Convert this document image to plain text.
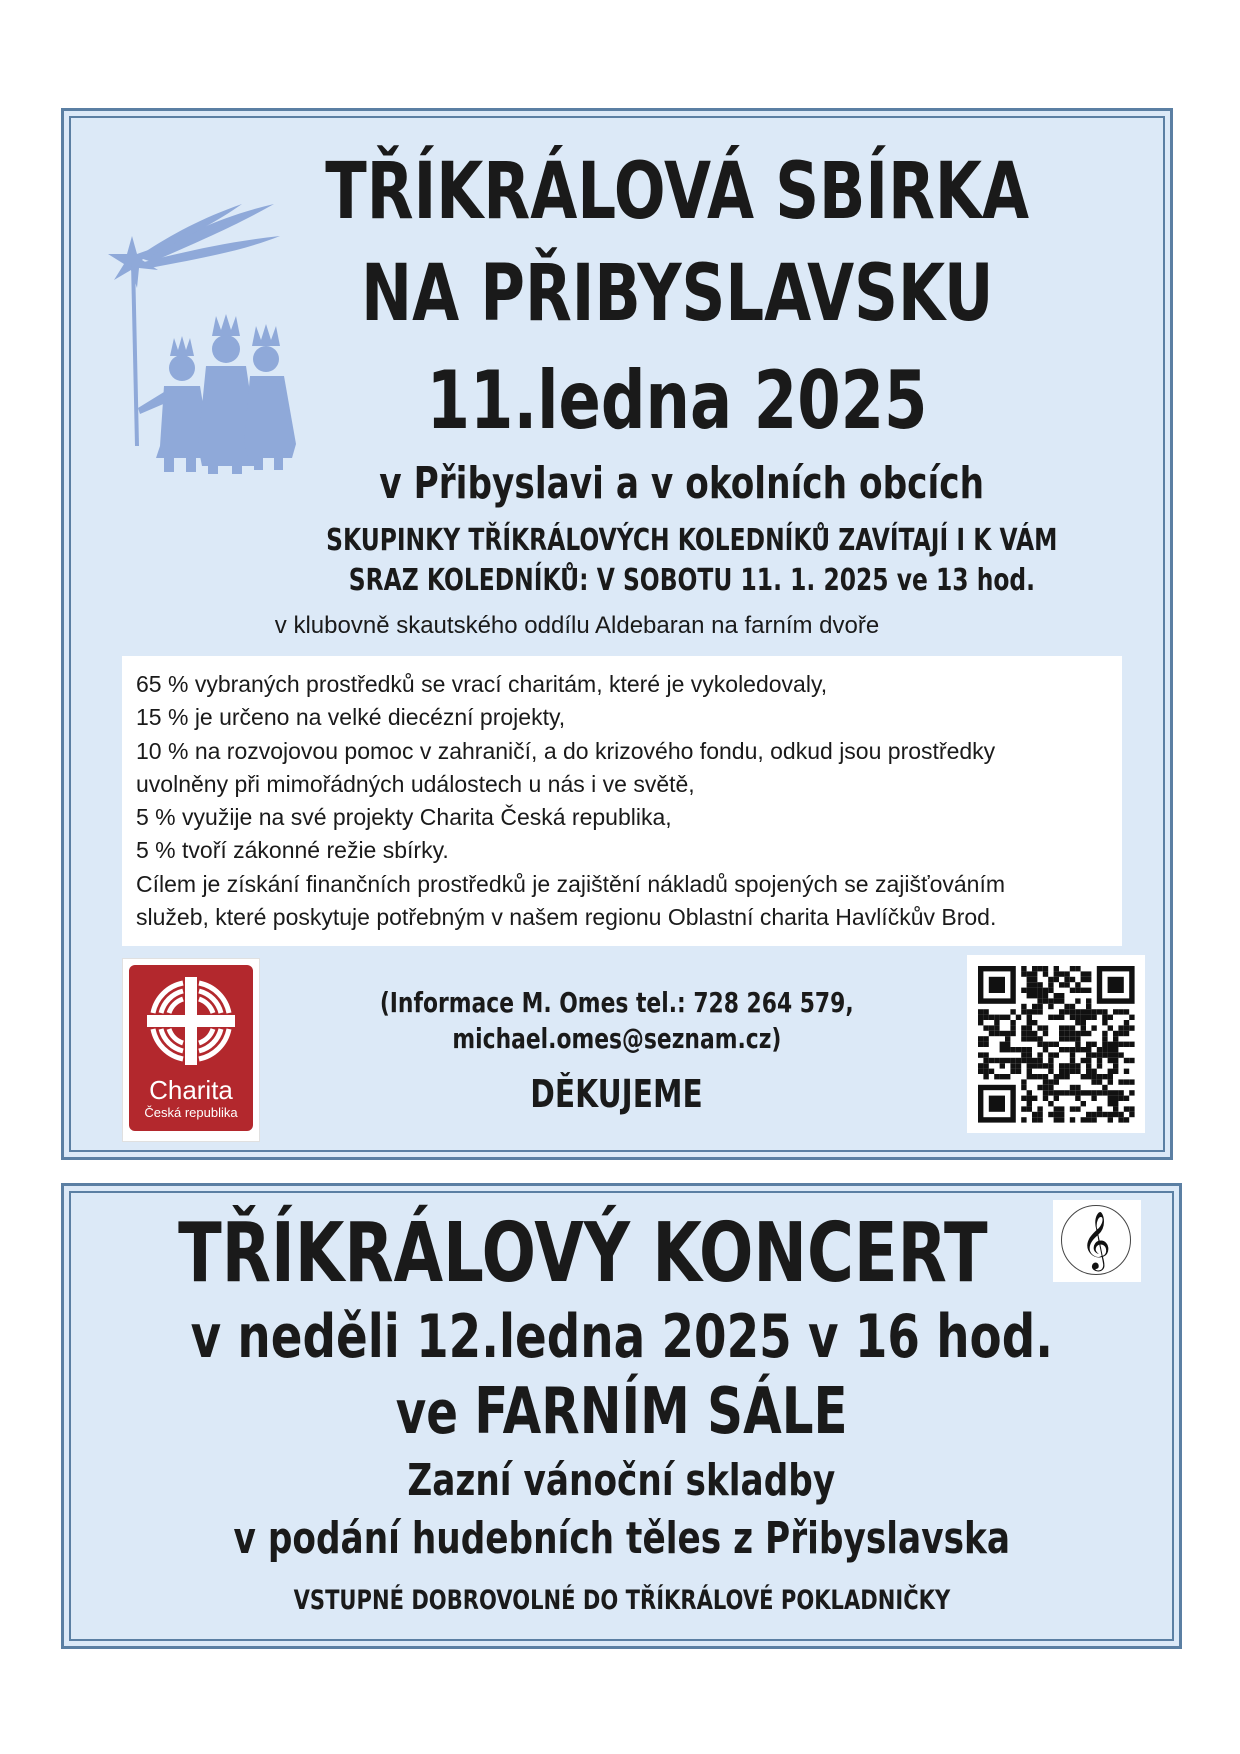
TŘÍKRÁLOVÁ SBÍRKA
NA PŘIBYSLAVSKU
11.ledna 2025
v Přibyslavi a v okolních obcích
SKUPINKY TŘÍKRÁLOVÝCH KOLEDNÍKŮ ZAVÍTAJÍ I K VÁM
SRAZ KOLEDNÍKŮ: V SOBOTU 11. 1. 2025 ve 13 hod.
v klubovně skautského oddílu Aldebaran na farním dvoře
65 % vybraných prostředků se vrací charitám, které je vykoledovaly,
15 % je určeno na velké diecézní projekty,
10 % na rozvojovou pomoc v zahraničí, a do krizového fondu, odkud jsou prostředky
uvolněny při mimořádných událostech u nás i ve světě,
5 % využije na své projekty Charita Česká republika,
5 % tvoří zákonné režie sbírky.
Cílem je získání finančních prostředků je zajištění nákladů spojených se zajišťováním
služeb, které poskytuje potřebným v našem regionu Oblastní charita Havlíčkův Brod.
Charita
Česká republika
(Informace M. Omes tel.: 728 264 579,
michael.omes@seznam.cz)
DĚKUJEME
TŘÍKRÁLOVÝ KONCERT
v neděli 12.ledna 2025 v 16 hod.
ve FARNÍM SÁLE
Zazní vánoční skladby
v podání hudebních těles z Přibyslavska
VSTUPNÉ DOBROVOLNÉ DO TŘÍKRÁLOVÉ POKLADNIČKY
𝄞
